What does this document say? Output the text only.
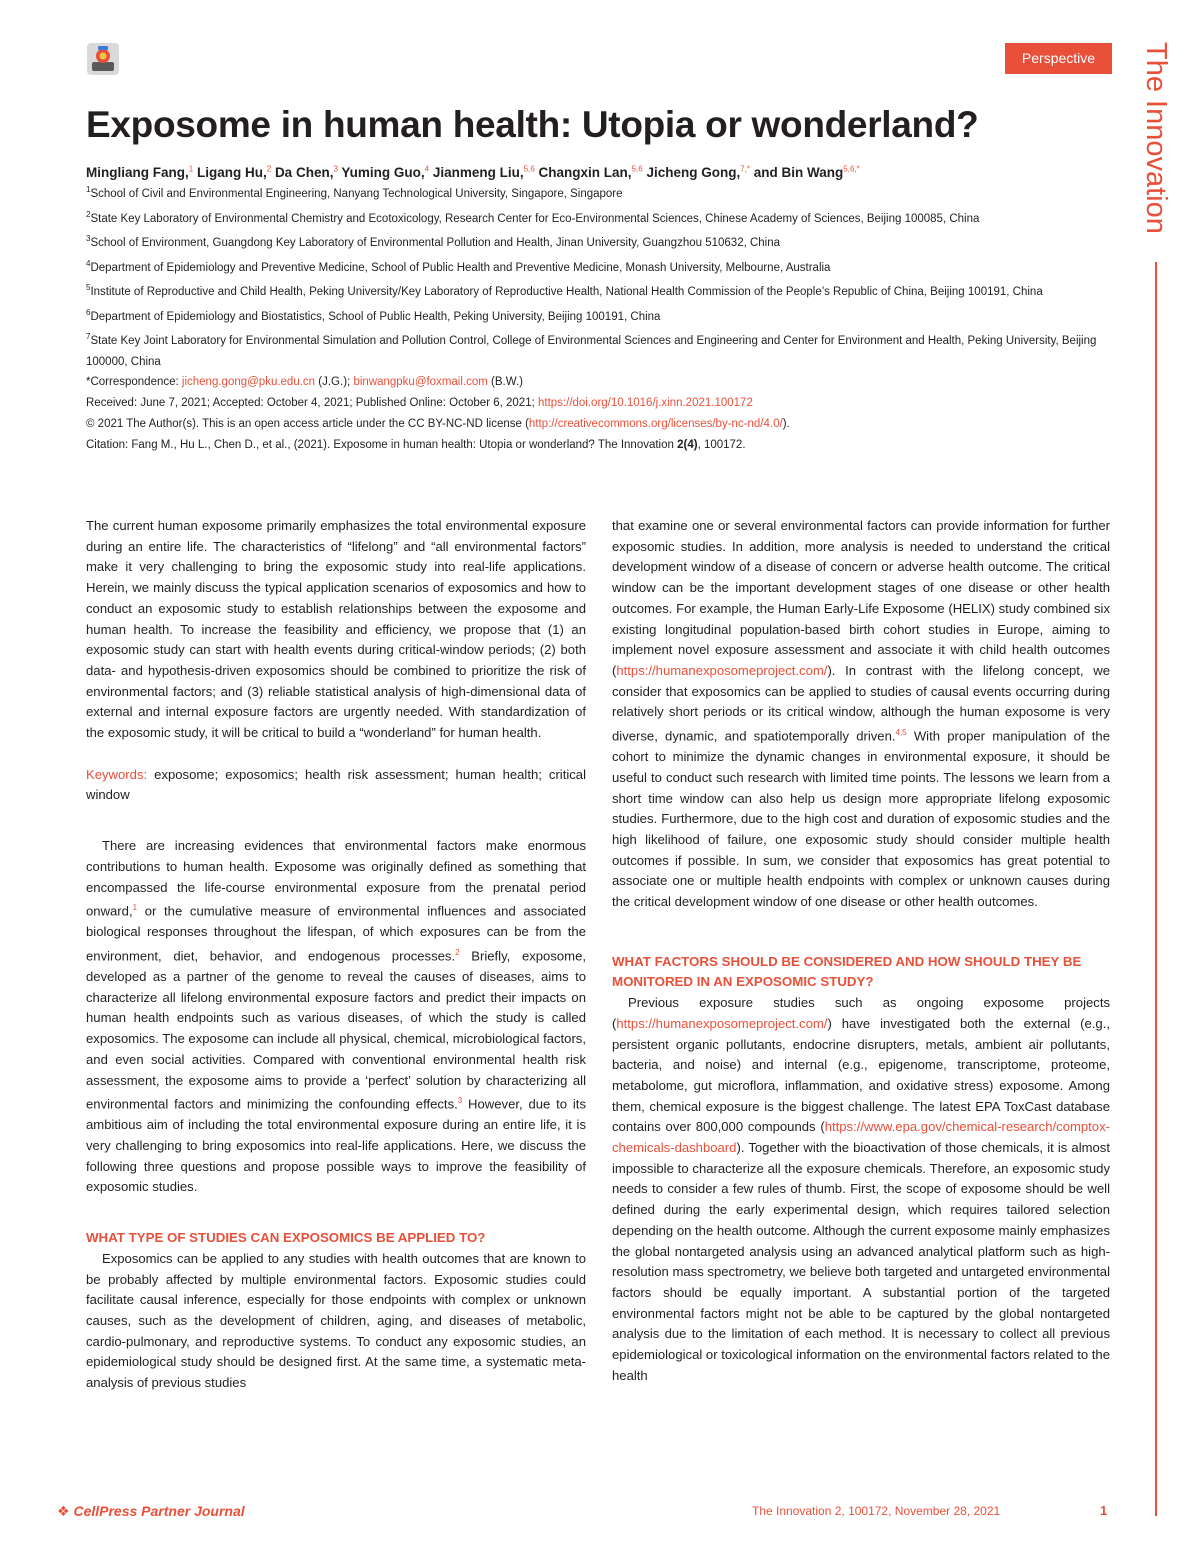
Perspective	The Innovation
Exposome in human health: Utopia or wonderland?
Mingliang Fang,$^1$ Ligang Hu,$^2$ Da Chen,$^3$ Yuming Guo,$^4$ Jianmeng Liu,$^{5,6}$ Changxin Lan,$^{5,6}$ Jicheng Gong,$^{7,*}$ and Bin Wang$^{5,6,*}$

$^1$School of Civil and Environmental Engineering, Nanyang Technological University, Singapore, Singapore

$^2$State Key Laboratory of Environmental Chemistry and Ecotoxicology, Research Center for Eco-Environmental Sciences, Chinese Academy of Sciences, Beijing 100085, China

$^3$School of Environment, Guangdong Key Laboratory of Environmental Pollution and Health, Jinan University, Guangzhou 510632, China

$^4$Department of Epidemiology and Preventive Medicine, School of Public Health and Preventive Medicine, Monash University, Melbourne, Australia

$^5$Institute of Reproductive and Child Health, Peking University/Key Laboratory of Reproductive Health, National Health Commission of the People’s Republic of China, Beijing 100191, China

$^6$Department of Epidemiology and Biostatistics, School of Public Health, Peking University, Beijing 100191, China

$^7$State Key Joint Laboratory for Environmental Simulation and Pollution Control, College of Environmental Sciences and Engineering and Center for Environment and Health, Peking University, Beijing 100000, China

*Correspondence: jicheng.gong@pku.edu.cn (J.G.); binwangpku@foxmail.com (B.W.)

Received: June 7, 2021; Accepted: October 4, 2021; Published Online: October 6, 2021; https://doi.org/10.1016/j.xinn.2021.100172

© 2021 The Author(s). This is an open access article under the CC BY-NC-ND license (http://creativecommons.org/licenses/by-nc-nd/4.0/).

Citation: Fang M., Hu L., Chen D., et al., (2021). Exposome in human health: Utopia or wonderland? The Innovation 2(4), 100172.

The current human exposome primarily emphasizes the total environmental exposure during an entire life. The characteristics of “lifelong” and “all environmental factors” make it very challenging to bring the exposomic study into real-life applications. Herein, we mainly discuss the typical application scenarios of exposomics and how to conduct an exposomic study to establish relationships between the exposome and human health. To increase the feasibility and efficiency, we propose that (1) an exposomic study can start with health events during critical-window periods; (2) both data- and hypothesis-driven exposomics should be combined to prioritize the risk of environmental factors; and (3) reliable statistical analysis of high-dimensional data of external and internal exposure factors are urgently needed. With standardization of the exposomic study, it will be critical to build a “wonderland” for human health.

Keywords: exposome; exposomics; health risk assessment; human health; critical window

There are increasing evidences that environmental factors make enormous contributions to human health. Exposome was originally defined as something that encompassed the life-course environmental exposure from the prenatal period onward,$^1$ or the cumulative measure of environmental influences and associated biological responses throughout the lifespan, of which exposures can be from the environment, diet, behavior, and endogenous processes.$^2$ Briefly, exposome, developed as a partner of the genome to reveal the causes of diseases, aims to characterize all lifelong environmental exposure factors and predict their impacts on human health endpoints such as various diseases, of which the study is called exposomics. The exposome can include all physical, chemical, microbiological factors, and even social activities. Compared with conventional environmental health risk assessment, the exposome aims to provide a ‘perfect’ solution by characterizing all environmental factors and minimizing the confounding effects.$^3$ However, due to its ambitious aim of including the total environmental exposure during an entire life, it is very challenging to bring exposomics into real-life applications. Here, we discuss the following three questions and propose possible ways to improve the feasibility of exposomic studies.

WHAT TYPE OF STUDIES CAN EXPOSOMICS BE APPLIED TO?

Exposomics can be applied to any studies with health outcomes that are known to be probably affected by multiple environmental factors. Exposomic studies could facilitate causal inference, especially for those endpoints with complex or unknown causes, such as the development of children, aging, and diseases of metabolic, cardio-pulmonary, and reproductive systems. To conduct any exposomic studies, an epidemiological study should be designed first. At the same time, a systematic meta-analysis of previous studies

that examine one or several environmental factors can provide information for further exposomic studies. In addition, more analysis is needed to understand the critical development window of a disease of concern or adverse health outcome. The critical window can be the important development stages of one disease or other health outcomes. For example, the Human Early-Life Exposome (HELIX) study combined six existing longitudinal population-based birth cohort studies in Europe, aiming to implement novel exposure assessment and associate it with child health outcomes (https://humanexposomeproject.com/). In contrast with the lifelong concept, we consider that exposomics can be applied to studies of causal events occurring during relatively short periods or its critical window, although the human exposome is very diverse, dynamic, and spatiotemporally driven.$^{4,5}$ With proper manipulation of the cohort to minimize the dynamic changes in environmental exposure, it should be useful to conduct such research with limited time points. The lessons we learn from a short time window can also help us design more appropriate lifelong exposomic studies. Furthermore, due to the high cost and duration of exposomic studies and the high likelihood of failure, one exposomic study should consider multiple health outcomes if possible. In sum, we consider that exposomics has great potential to associate one or multiple health endpoints with complex or unknown causes during the critical development window of one disease or other health outcomes.

WHAT FACTORS SHOULD BE CONSIDERED AND HOW SHOULD THEY BE MONITORED IN AN EXPOSOMIC STUDY?

Previous exposure studies such as ongoing exposome projects (https://humanexposomeproject.com/) have investigated both the external (e.g., persistent organic pollutants, endocrine disrupters, metals, ambient air pollutants, bacteria, and noise) and internal (e.g., epigenome, transcriptome, proteome, metabolome, gut microflora, inflammation, and oxidative stress) exposome. Among them, chemical exposure is the biggest challenge. The latest EPA ToxCast database contains over 800,000 compounds (https://www.epa.gov/chemical-research/comptox-chemicals-dashboard). Together with the bioactivation of those chemicals, it is almost impossible to characterize all the exposure chemicals. Therefore, an exposomic study needs to consider a few rules of thumb. First, the scope of exposome should be well defined during the early experimental design, which requires tailored selection depending on the health outcome. Although the current exposome mainly emphasizes the global nontargeted analysis using an advanced analytical platform such as high-resolution mass spectrometry, we believe both targeted and untargeted environmental factors should be equally important. A substantial portion of the targeted environmental factors might not be able to be captured by the global nontargeted analysis due to the limitation of each method. It is necessary to collect all previous epidemiological or toxicological information on the environmental factors related to the health

❖ CellPress Partner Journal	The Innovation 2, 100172, November 28, 2021	1
